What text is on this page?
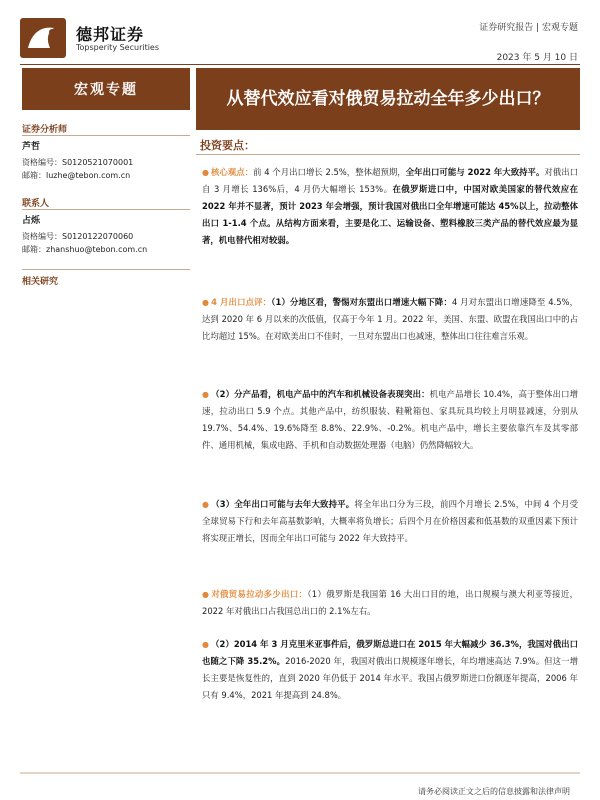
德邦证券
Topsperity Securities
证券研究报告 | 宏观专题
2023 年 5 月 10 日
宏观专题	从替代效应看对俄贸易拉动全年多少出口？
证券分析师
芦哲
资格编号：S0120521070001
邮箱：luzhe@tebon.com.cn
联系人
占烁
资格编号：S0120122070060
邮箱：zhanshuo@tebon.com.cn
相关研究
投资要点：
● 核心观点：前 4 个月出口增长 2.5%，整体超预期，全年出口可能与 2022 年大致持平。对俄出口自 3 月增长 136%后，4 月仍大幅增长 153%。在俄罗斯进口中，中国对欧美国家的替代效应在 2022 年并不显著，预计 2023 年会增强，预计我国对俄出口全年增速可能达 45%以上，拉动整体出口 1-1.4 个点。从结构方面来看，主要是化工、运输设备、塑料橡胶三类产品的替代效应最为显著，机电替代相对较弱。
● 4 月出口点评：（1）分地区看，警惕对东盟出口增速大幅下降：4 月对东盟出口增速降至 4.5%，达到 2020 年 6 月以来的次低值，仅高于今年 1 月。2022 年，美国、东盟、欧盟在我国出口中的占比均超过 15%。在对欧美出口不佳时，一旦对东盟出口也减速，整体出口往往难言乐观。
● （2）分产品看，机电产品中的汽车和机械设备表现突出：机电产品增长 10.4%，高于整体出口增速，拉动出口 5.9 个点。其他产品中，纺织服装、鞋靴箱包、家具玩具均较上月明显减速，分别从 19.7%、54.4%、19.6%降至 8.8%、22.9%、-0.2%。机电产品中，增长主要依靠汽车及其零部件、通用机械，集成电路、手机和自动数据处理器（电脑）仍然降幅较大。
● （3）全年出口可能与去年大致持平。将全年出口分为三段，前四个月增长 2.5%，中间 4 个月受全球贸易下行和去年高基数影响，大概率将负增长；后四个月在价格因素和低基数的双重因素下预计将实现正增长，因而全年出口可能与 2022 年大致持平。
● 对俄贸易拉动多少出口：（1）俄罗斯是我国第 16 大出口目的地，出口规模与澳大利亚等接近，2022 年对俄出口占我国总出口的 2.1%左右。
● （2）2014 年 3 月克里米亚事件后，俄罗斯总进口在 2015 年大幅减少 36.3%，我国对俄出口也随之下降 35.2%。2016-2020 年，我国对俄出口规模逐年增长，年均增速高达 7.9%。但这一增长主要是恢复性的，直到 2020 年仍低于 2014 年水平。我国占俄罗斯进口份额逐年提高，2006 年只有 9.4%，2021 年提高到 24.8%。
请务必阅读正文之后的信息披露和法律声明
